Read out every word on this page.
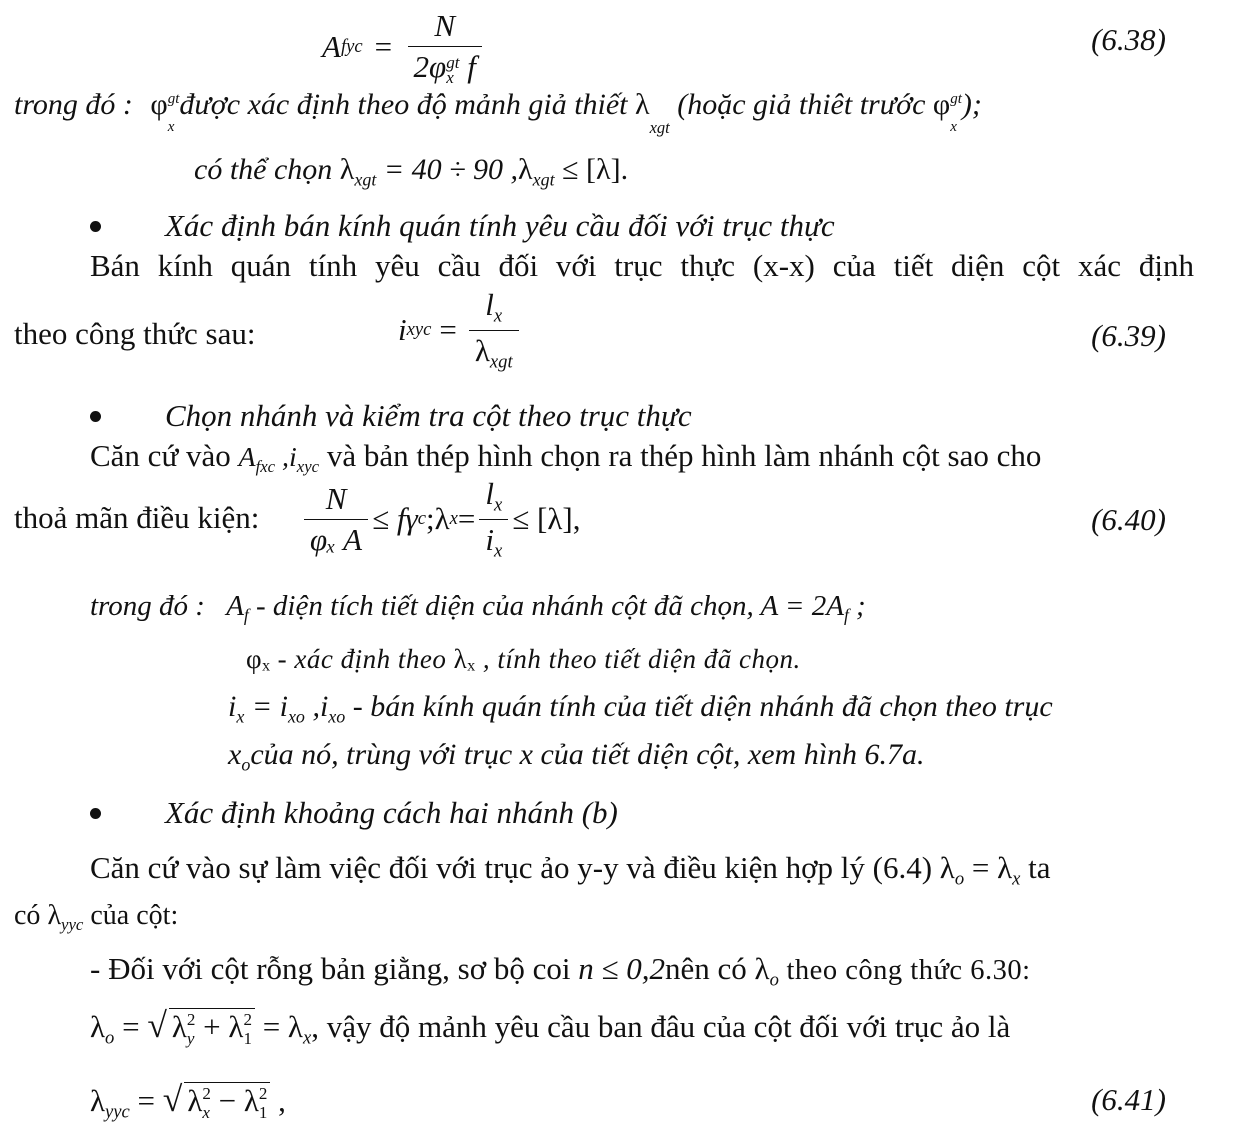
A fyc = N
2φ gt
x f	(6.38)
trong đó : φ gt
x
được xác định theo độ mảnh giả thiết λ
xgt
(hoặc giả thiêt trước φ gt
x
);
có thể chọn $\lambda_{xgt} = 40 \div 90$ $,\lambda_{xgt} \le [\lambda]$.
Xác định bán kính quán tính yêu cầu đối với trục thực
Bán kính quán tính yêu cầu đối với trục thực (x-x) của tiết diện cột xác định
theo công thức sau:	i xyc = $\frac{l_x}{\lambda_{xgt}}$	(6.39)
Chọn nhánh và kiểm tra cột theo trục thực
Căn cứ vào $A_{fxc}$ $,i_{xyc}$ và bản thép hình chọn ra thép hình làm nhánh cột sao cho
thoả mãn điều kiện: $\frac{N}{\text{φₓ A}} \le f\gamma$ c ;λ $x = \frac{l_x}{i_x} \le [\lambda]$,	(6.40)
trong đó : $A_f$ - diện tích tiết diện của nhánh cột đã chọn, $A = 2A_f$ ;
φₓ - xác định theo λₓ , tính theo tiết diện đã chọn.
$i_x = i_{xo}$ $,i_{xo}$ - bán kính quán tính của tiết diện nhánh đã chọn theo trục
$x_ocủa$ nó, trùng với trục x của tiết diện cột, xem hình 6.7a.
Xác định khoảng cách hai nhánh (b)
Căn cứ vào sự làm việc đối với trục ảo y-y và điều kiện hợp lý (6.4) $\lambda_o = \lambda_x$ ta
có $\lambda_{yyc}$ của cột:
- Đối với cột rỗng bản giằng, sơ bộ coi n ≤ 0,2nên có $\lambda_o$ theo công thức 6.30:
$\lambda_o$ = √ λ 2
y + λ 2
$1 = \lambda_x$, vậy độ mảnh yêu cầu ban đâu của cột đối với trục ảo là
$\lambda_{yyc}$ = √ λ 2
x − λ 2
1 ,	(6.41)
